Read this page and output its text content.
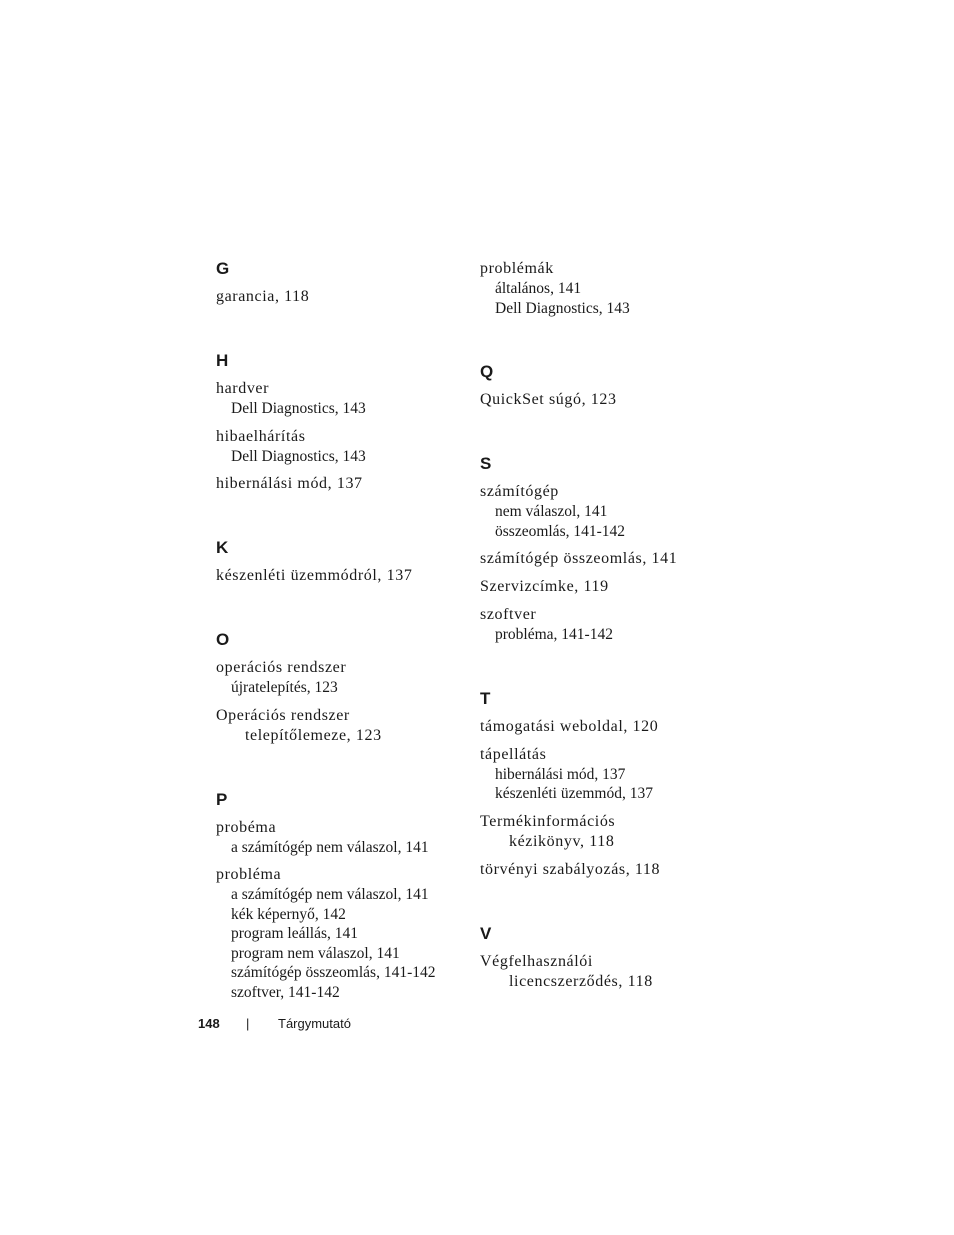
G
garancia, 118
H
hardver
Dell Diagnostics, 143
hibaelhárítás
Dell Diagnostics, 143
hibernálási mód, 137
K
készenléti üzemmódról, 137
O
operációs rendszer
újratelepítés, 123
Operációs rendszer
telepítőlemeze, 123
P
probéma
a számítógép nem válaszol, 141
probléma
a számítógép nem válaszol, 141
kék képernyő, 142
program leállás, 141
program nem válaszol, 141
számítógép összeomlás, 141-142
szoftver, 141-142
problémák
általános, 141
Dell Diagnostics, 143
Q
QuickSet súgó, 123
S
számítógép
nem válaszol, 141
összeomlás, 141-142
számítógép összeomlás, 141
Szervizcímke, 119
szoftver
probléma, 141-142
T
támogatási weboldal, 120
tápellátás
hibernálási mód, 137
készenléti üzemmód, 137
Termékinformációs
kézikönyv, 118
törvényi szabályozás, 118
V
Végfelhasználói
licencszerződés, 118
148 | Tárgymutató
